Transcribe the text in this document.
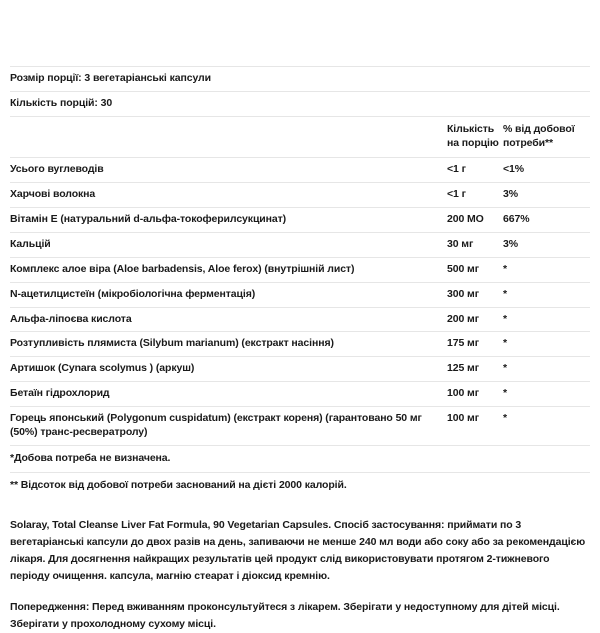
Розмір порції: 3 вегетаріанські капсули		
Кількість порцій: 30		
	Кількість на порцію	% від добової потреби**
Усього вуглеводів	<1 г	<1%
Харчові волокна	<1 г	3%
Вітамін Е (натуральний d-альфа-токоферилсукцинат)	200 МО	667%
Кальцій	30 мг	3%
Комплекс алое віра (Aloe barbadensis, Aloe ferox) (внутрішній лист)	500 мг	*
N-ацетилцистеїн (мікробіологічна ферментація)	300 мг	*
Альфа-ліпоєва кислота	200 мг	*
Розтупливість плямиста (Silybum marianum) (екстракт насіння)	175 мг	*
Артишок (Cynara scolymus ) (аркуш)	125 мг	*
Бетаїн гідрохлорид	100 мг	*
Горець японський (Polygonum cuspidatum) (екстракт кореня) (гарантовано 50 мг (50%) транс-ресвератролу)	100 мг	*
*Добова потреба не визначена.		
** Відсоток від добової потреби заснований на дієті 2000 калорій.		

Solaray, Total Cleanse Liver Fat Formula, 90 Vegetarian Capsules. Спосіб застосування: приймати по 3 вегетаріанські капсули до двох разів на день, запиваючи не менше 240 мл води або соку або за рекомендацією лікаря. Для досягнення найкращих результатів цей продукт слід використовувати протягом 2-тижневого періоду очищення. капсула, магнію стеарат і діоксид кремнію.

Попередження: Перед вживанням проконсультуйтеся з лікарем. Зберігати у недоступному для дітей місці. Зберігати у прохолодному сухому місці.
